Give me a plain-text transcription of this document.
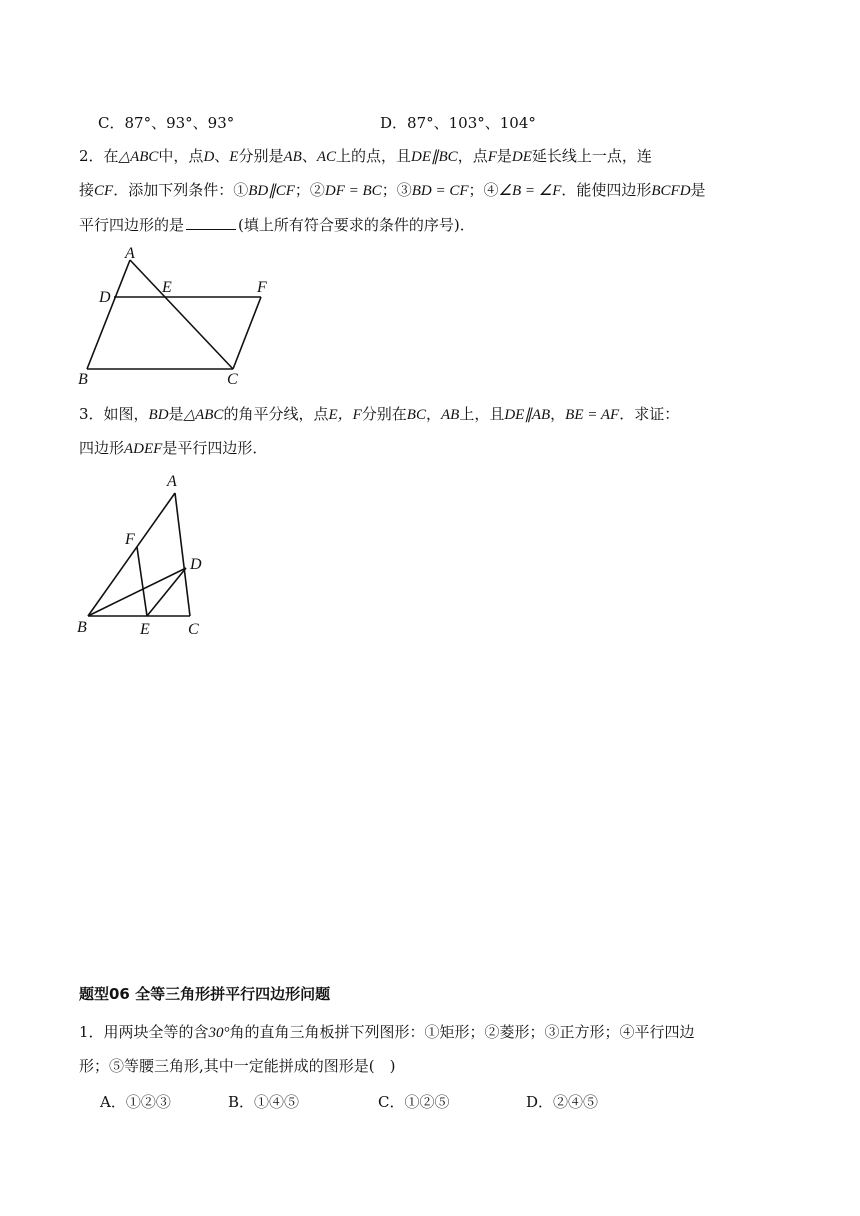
C．87°、93°、93°	D．87°、103°、104°
2．在△ABC中，点D、E分别是AB、AC上的点，且DE∥BC，点F是DE延长线上一点，连
接CF．添加下列条件：①BD∥CF；②DF = BC；③BD = CF；④∠B = ∠F．能使四边形BCFD是
平行四边形的是	(填上所有符合要求的条件的序号)．
A
D
E	F
B	C
3．如图，BD是△ABC的角平分线，点E，F分别在BC，AB上，且DE∥AB，BE = AF．求证：
四边形ADEF是平行四边形．
A
F
D
B	E C
题型06 全等三角形拼平行四边形问题
1．用两块全等的含30°角的直角三角板拼下列图形：①矩形；②菱形；③正方形；④平行四边
形；⑤等腰三角形,其中一定能拼成的图形是(　)
A．①②③	B．①④⑤	C．①②⑤	D．②④⑤
